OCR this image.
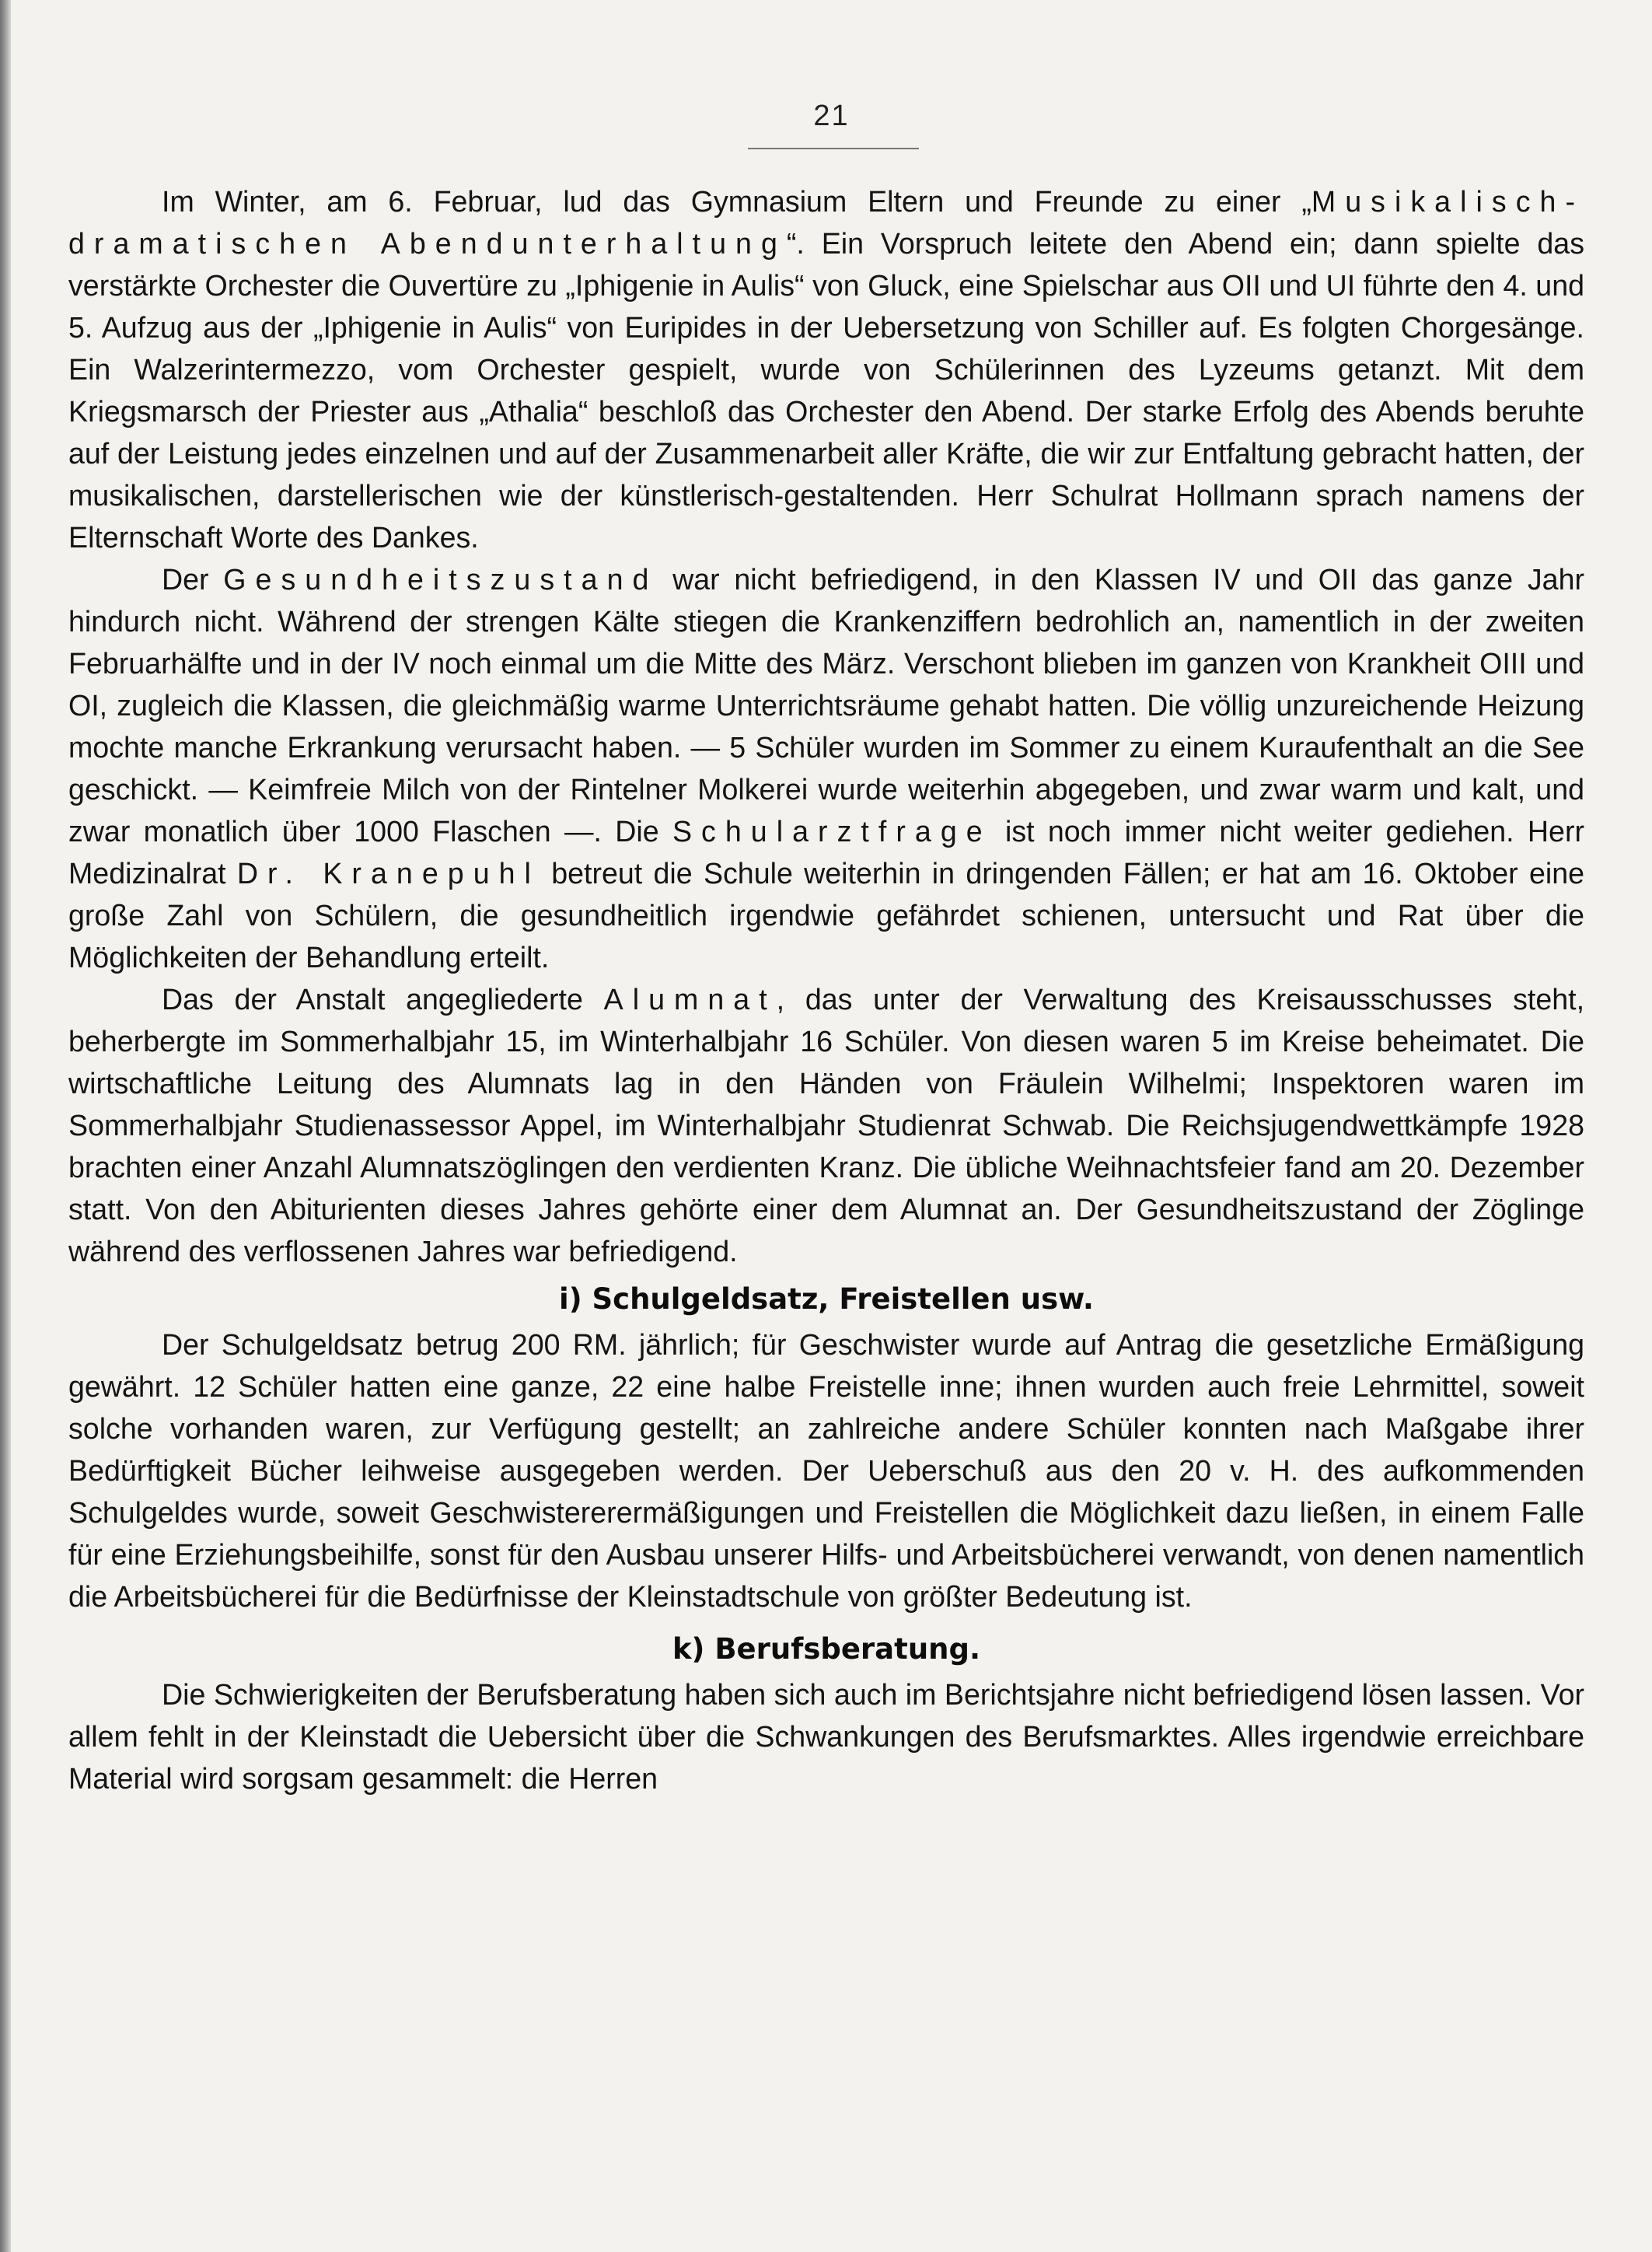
21

Im Winter, am 6. Februar, lud das Gymnasium Eltern und Freunde zu einer „Musikalisch-dramatischen Abendunterhaltung“. Ein Vorspruch leitete den Abend ein; dann spielte das verstärkte Orchester die Ouvertüre zu „Iphigenie in Aulis“ von Gluck, eine Spielschar aus OII und UI führte den 4. und 5. Aufzug aus der „Iphigenie in Aulis“ von Euripides in der Uebersetzung von Schiller auf. Es folgten Chorgesänge. Ein Walzerintermezzo, vom Orchester gespielt, wurde von Schülerinnen des Lyzeums getanzt. Mit dem Kriegsmarsch der Priester aus „Athalia“ beschloß das Orchester den Abend. Der starke Erfolg des Abends beruhte auf der Leistung jedes einzelnen und auf der Zusammenarbeit aller Kräfte, die wir zur Entfaltung gebracht hatten, der musikalischen, darstellerischen wie der künstlerisch-gestaltenden. Herr Schulrat Hollmann sprach namens der Elternschaft Worte des Dankes.

Der Gesundheitszustand war nicht befriedigend, in den Klassen IV und OII das ganze Jahr hindurch nicht. Während der strengen Kälte stiegen die Krankenziffern bedrohlich an, namentlich in der zweiten Februarhälfte und in der IV noch einmal um die Mitte des März. Verschont blieben im ganzen von Krankheit OIII und OI, zugleich die Klassen, die gleichmäßig warme Unterrichtsräume gehabt hatten. Die völlig unzureichende Heizung mochte manche Erkrankung verursacht haben. — 5 Schüler wurden im Sommer zu einem Kuraufenthalt an die See geschickt. — Keimfreie Milch von der Rintelner Molkerei wurde weiterhin abgegeben, und zwar warm und kalt, und zwar monatlich über 1000 Flaschen —. Die Schularztfrage ist noch immer nicht weiter gediehen. Herr Medizinalrat Dr. Kranepuhl betreut die Schule weiterhin in dringenden Fällen; er hat am 16. Oktober eine große Zahl von Schülern, die gesundheitlich irgendwie gefährdet schienen, untersucht und Rat über die Möglichkeiten der Behandlung erteilt.

Das der Anstalt angegliederte Alumnat, das unter der Verwaltung des Kreisausschusses steht, beherbergte im Sommerhalbjahr 15, im Winterhalbjahr 16 Schüler. Von diesen waren 5 im Kreise beheimatet. Die wirtschaftliche Leitung des Alumnats lag in den Händen von Fräulein Wilhelmi; Inspektoren waren im Sommerhalbjahr Studienassessor Appel, im Winterhalbjahr Studienrat Schwab. Die Reichsjugendwettkämpfe 1928 brachten einer Anzahl Alumnatszöglingen den verdienten Kranz. Die übliche Weihnachtsfeier fand am 20. Dezember statt. Von den Abiturienten dieses Jahres gehörte einer dem Alumnat an. Der Gesundheitszustand der Zöglinge während des verflossenen Jahres war befriedigend.

i) Schulgeldsatz, Freistellen usw.

Der Schulgeldsatz betrug 200 RM. jährlich; für Geschwister wurde auf Antrag die gesetzliche Ermäßigung gewährt. 12 Schüler hatten eine ganze, 22 eine halbe Freistelle inne; ihnen wurden auch freie Lehrmittel, soweit solche vorhanden waren, zur Verfügung gestellt; an zahlreiche andere Schüler konnten nach Maßgabe ihrer Bedürftigkeit Bücher leihweise ausgegeben werden. Der Ueberschuß aus den 20 v. H. des aufkommenden Schulgeldes wurde, soweit Geschwistererermäßigungen und Freistellen die Möglichkeit dazu ließen, in einem Falle für eine Erziehungsbeihilfe, sonst für den Ausbau unserer Hilfs- und Arbeitsbücherei verwandt, von denen namentlich die Arbeitsbücherei für die Bedürfnisse der Kleinstadtschule von größter Bedeutung ist.

k) Berufsberatung.

Die Schwierigkeiten der Berufsberatung haben sich auch im Berichtsjahre nicht befriedigend lösen lassen. Vor allem fehlt in der Kleinstadt die Uebersicht über die Schwankungen des Berufsmarktes. Alles irgendwie erreichbare Material wird sorgsam gesammelt: die Herren
